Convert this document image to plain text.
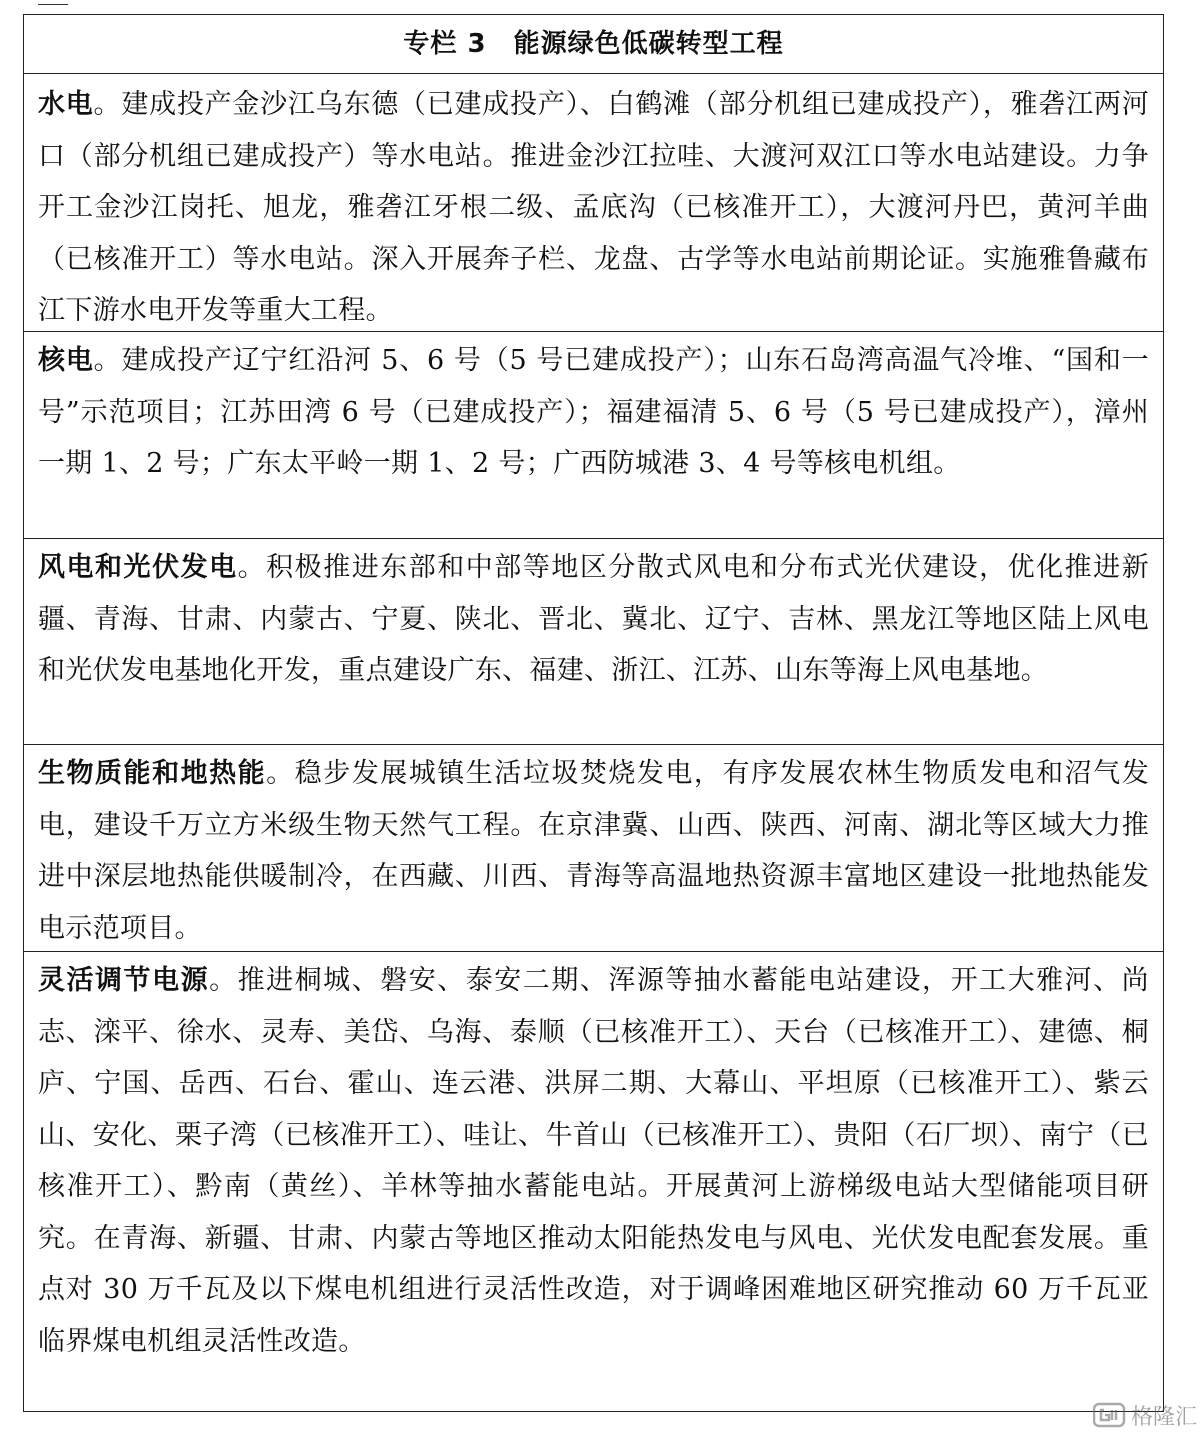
专栏 3　能源绿色低碳转型工程
水电。建成投产金沙江乌东德（已建成投产）、白鹤滩（部分机组已建成投产），雅砻江两河口（部分机组已建成投产）等水电站。推进金沙江拉哇、大渡河双江口等水电站建设。力争开工金沙江岗托、旭龙，雅砻江牙根二级、孟底沟（已核准开工），大渡河丹巴，黄河羊曲（已核准开工）等水电站。深入开展奔子栏、龙盘、古学等水电站前期论证。实施雅鲁藏布江下游水电开发等重大工程。
核电。建成投产辽宁红沿河 5、6 号（5 号已建成投产）；山东石岛湾高温气冷堆、“国和一号”示范项目；江苏田湾 6 号（已建成投产）；福建福清 5、6 号（5 号已建成投产），漳州一期 1、2 号；广东太平岭一期 1、2 号；广西防城港 3、4 号等核电机组。
风电和光伏发电。积极推进东部和中部等地区分散式风电和分布式光伏建设，优化推进新疆、青海、甘肃、内蒙古、宁夏、陕北、晋北、冀北、辽宁、吉林、黑龙江等地区陆上风电和光伏发电基地化开发，重点建设广东、福建、浙江、江苏、山东等海上风电基地。
生物质能和地热能。稳步发展城镇生活垃圾焚烧发电，有序发展农林生物质发电和沼气发电，建设千万立方米级生物天然气工程。在京津冀、山西、陕西、河南、湖北等区域大力推进中深层地热能供暖制冷，在西藏、川西、青海等高温地热资源丰富地区建设一批地热能发电示范项目。
灵活调节电源。推进桐城、磐安、泰安二期、浑源等抽水蓄能电站建设，开工大雅河、尚志、滦平、徐水、灵寿、美岱、乌海、泰顺（已核准开工）、天台（已核准开工）、建德、桐庐、宁国、岳西、石台、霍山、连云港、洪屏二期、大幕山、平坦原（已核准开工）、紫云山、安化、栗子湾（已核准开工）、哇让、牛首山（已核准开工）、贵阳（石厂坝）、南宁（已核准开工）、黔南（黄丝）、羊林等抽水蓄能电站。开展黄河上游梯级电站大型储能项目研究。在青海、新疆、甘肃、内蒙古等地区推动太阳能热发电与风电、光伏发电配套发展。重点对 30 万千瓦及以下煤电机组进行灵活性改造，对于调峰困难地区研究推动 60 万千瓦亚临界煤电机组灵活性改造。
格隆汇
